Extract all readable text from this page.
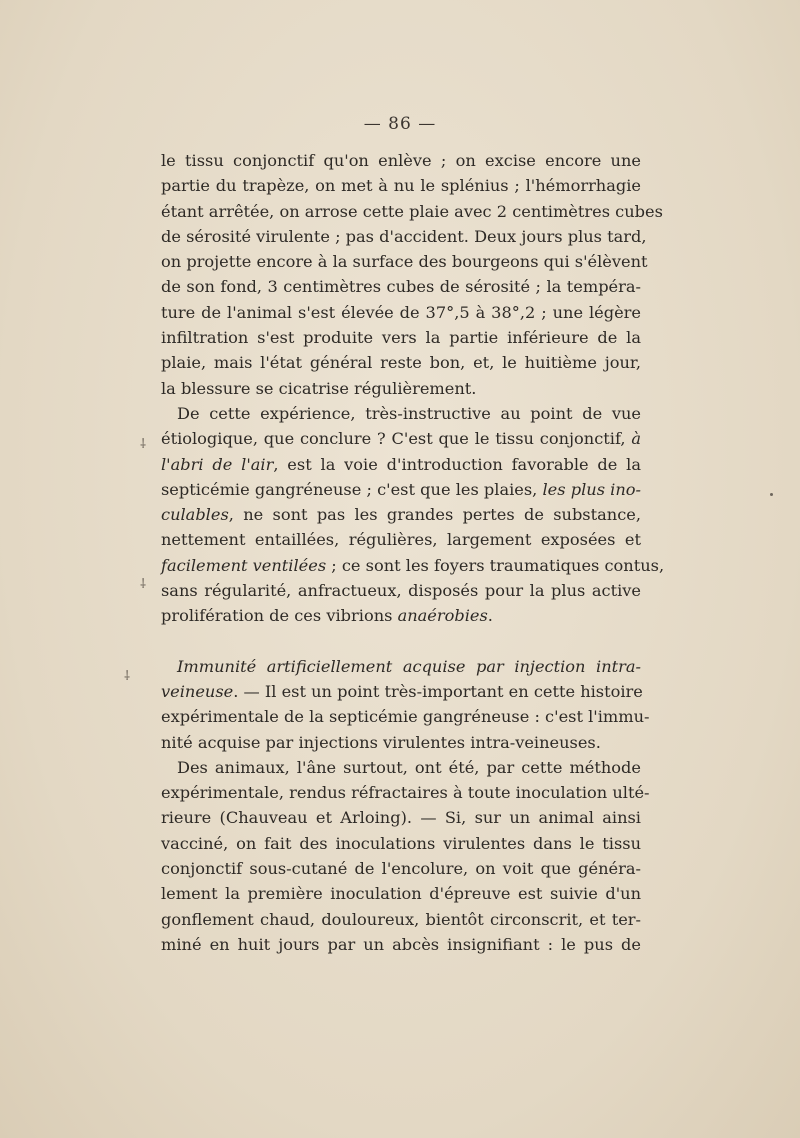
— 86 —
le tissu conjonctif qu'on enlève ; on excise encore une
partie du trapèze, on met à nu le splénius ; l'hémorrhagie
étant arrêtée, on arrose cette plaie avec 2 centimètres cubes
de sérosité virulente ; pas d'accident. Deux jours plus tard,
on projette encore à la surface des bourgeons qui s'élèvent
de son fond, 3 centimètres cubes de sérosité ; la tempéra-
ture de l'animal s'est élevée de 37°,5 à 38°,2 ; une légère
infiltration s'est produite vers la partie inférieure de la
plaie, mais l'état général reste bon, et, le huitième jour,
la blessure se cicatrise régulièrement.
De cette expérience, très-instructive au point de vue
étiologique, que conclure ? C'est que le tissu conjonctif, à
l'abri de l'air, est la voie d'introduction favorable de la
septicémie gangréneuse ; c'est que les plaies, les plus ino-
culables, ne sont pas les grandes pertes de substance,
nettement entaillées, régulières, largement exposées et
facilement ventilées ; ce sont les foyers traumatiques contus,
sans régularité, anfractueux, disposés pour la plus active
prolifération de ces vibrions anaérobies.
Immunité artificiellement acquise par injection intra-
veineuse. — Il est un point très-important en cette histoire
expérimentale de la septicémie gangréneuse : c'est l'immu-
nité acquise par injections virulentes intra-veineuses.
Des animaux, l'âne surtout, ont été, par cette méthode
expérimentale, rendus réfractaires à toute inoculation ulté-
rieure (Chauveau et Arloing). — Si, sur un animal ainsi
vacciné, on fait des inoculations virulentes dans le tissu
conjonctif sous-cutané de l'encolure, on voit que généra-
lement la première inoculation d'épreuve est suivie d'un
gonflement chaud, douloureux, bientôt circonscrit, et ter-
miné en huit jours par un abcès insignifiant : le pus de
⸸
⸸
⸸
